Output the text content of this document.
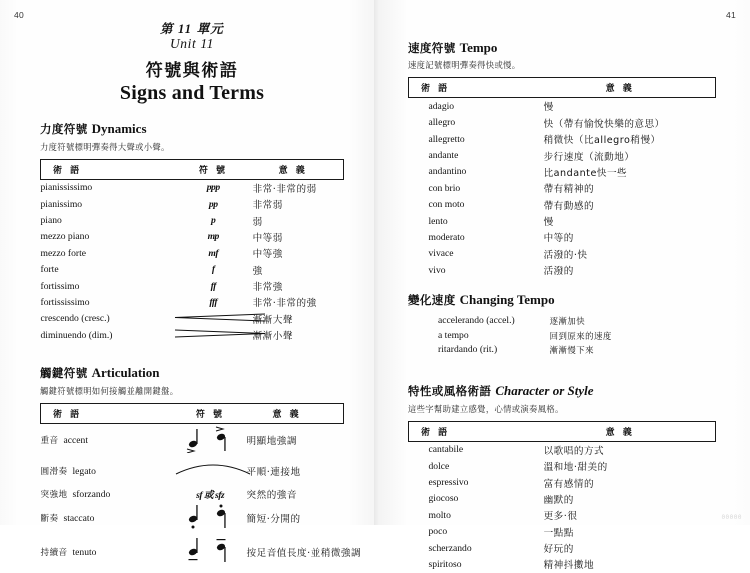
40
第 11 單元
Unit 11
符號與術語
Signs and Terms
力度符號 Dynamics
力度符號標明彈奏得大聲或小聲。
術 語	符 號	意 義
pianississimo	ppp	非常‧非常的弱
pianissimo	pp	非常弱
piano	p	弱
mezzo piano	mp	中等弱
mezzo forte	mf	中等強
forte	f	強
fortissimo	ff	非常強
fortississimo	fff	非常‧非常的強
crescendo (cresc.)		漸漸大聲
diminuendo (dim.)		漸漸小聲
觸鍵符號 Articulation
觸鍵符號標明如何接觸並離開鍵盤。
術 語	符 號	意 義
重音 accent		明顯地強調
圓滑奏 legato		平順‧連接地
突強地 sforzando	sf 或 sfz	突然的強音
斷奏 staccato		簡短‧分開的
持續音 tenuto		按足音值長度‧並稍微強調
41
速度符號 Tempo
速度記號標明彈奏得快或慢。
術 語	意 義
adagio	慢
allegro	快（帶有愉悅快樂的意思）
allegretto	稍微快（比allegro稍慢）
andante	步行速度（流動地）
andantino	比andante快一些
con brio	帶有精神的
con moto	帶有動感的
lento	慢
moderato	中等的
vivace	活潑的‧快
vivo	活潑的
變化速度 Changing Tempo
accelerando (accel.)	逐漸加快
a tempo	回到原來的速度
ritardando (rit.)	漸漸慢下來
特性或風格術語 Character or Style
這些字幫助建立感覺，心情或演奏風格。
術 語	意 義
cantabile	以歌唱的方式
dolce	溫和地‧甜美的
espressivo	富有感情的
giocoso	幽默的
molto	更多‧很
poco	一點點
scherzando	好玩的
spiritoso	精神抖擻地
00000
